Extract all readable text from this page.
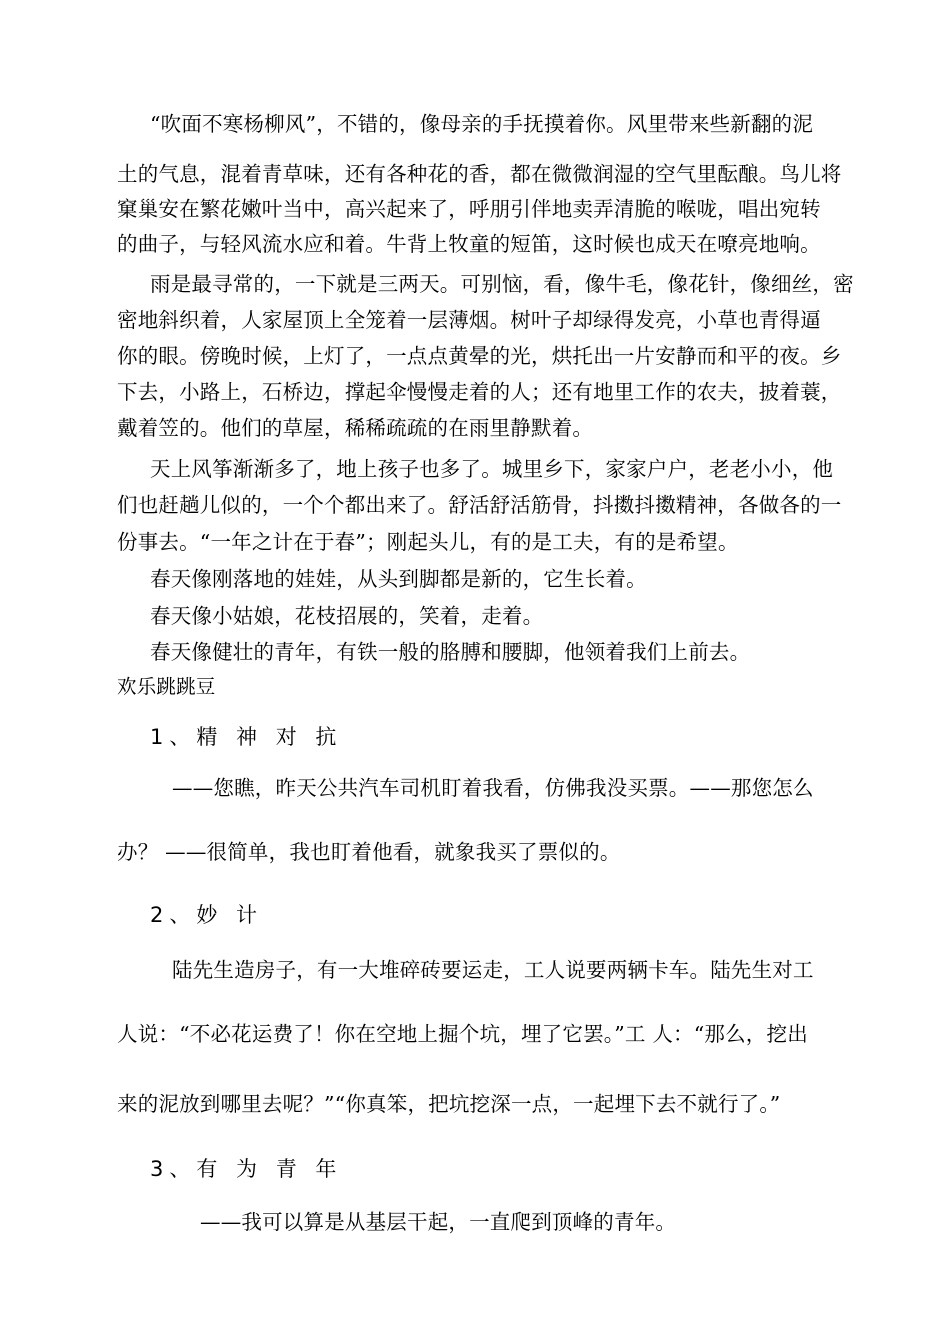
“吹面不寒杨柳风”，不错的，像母亲的手抚摸着你。风里带来些新翻的泥
土的气息，混着青草味，还有各种花的香，都在微微润湿的空气里酝酿。鸟儿将
窠巢安在繁花嫩叶当中，高兴起来了，呼朋引伴地卖弄清脆的喉咙，唱出宛转
的曲子，与轻风流水应和着。牛背上牧童的短笛，这时候也成天在嘹亮地响。
雨是最寻常的，一下就是三两天。可别恼，看，像牛毛，像花针，像细丝，密
密地斜织着，人家屋顶上全笼着一层薄烟。树叶子却绿得发亮，小草也青得逼
你的眼。傍晚时候，上灯了，一点点黄晕的光，烘托出一片安静而和平的夜。乡
下去，小路上，石桥边，撑起伞慢慢走着的人；还有地里工作的农夫，披着蓑，
戴着笠的。他们的草屋，稀稀疏疏的在雨里静默着。
天上风筝渐渐多了，地上孩子也多了。城里乡下，家家户户，老老小小，他
们也赶趟儿似的，一个个都出来了。舒活舒活筋骨，抖擞抖擞精神，各做各的一
份事去。“一年之计在于春”；刚起头儿，有的是工夫，有的是希望。
春天像刚落地的娃娃，从头到脚都是新的，它生长着。
春天像小姑娘，花枝招展的，笑着，走着。
春天像健壮的青年，有铁一般的胳膊和腰脚，他领着我们上前去。
欢乐跳跳豆
1、精 神 对 抗
——您瞧，昨天公共汽车司机盯着我看，仿佛我没买票。——那您怎么
办？ ——很简单，我也盯着他看，就象我买了票似的。
2、妙 计
陆先生造房子，有一大堆碎砖要运走，工人说要两辆卡车。陆先生对工
人说：“不必花运费了！你在空地上掘个坑，埋了它罢。”工 人：“那么，挖出
来的泥放到哪里去呢？”“你真笨，把坑挖深一点，一起埋下去不就行了。”
3、有 为 青 年
——我可以算是从基层干起，一直爬到顶峰的青年。
